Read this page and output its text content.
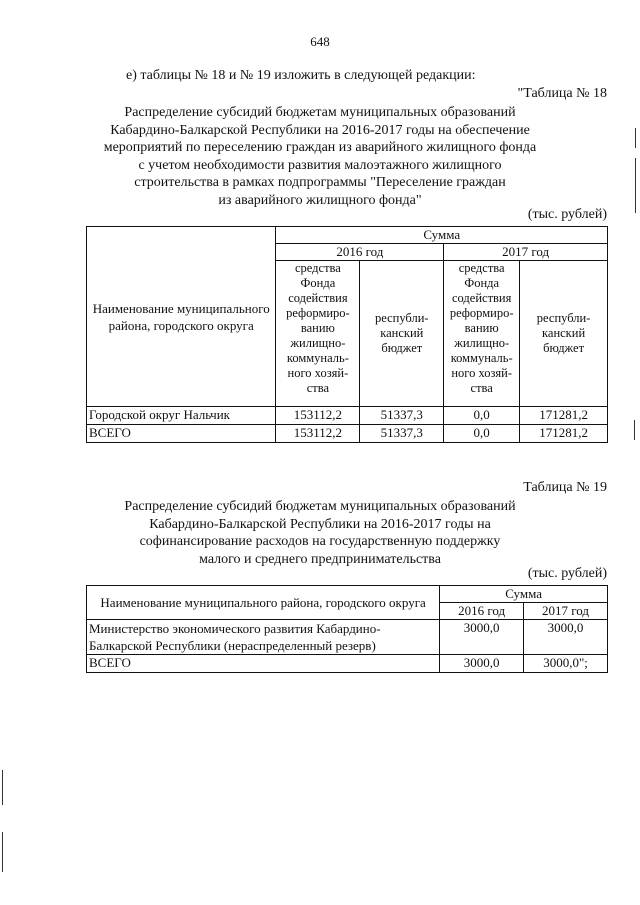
648
е) таблицы № 18 и № 19 изложить в следующей редакции:
"Таблица № 18
Распределение субсидий бюджетам муниципальных образований
Кабардино-Балкарской Республики на 2016-2017 годы на обеспечение
мероприятий по переселению граждан из аварийного жилищного фонда
с учетом необходимости развития малоэтажного жилищного
строительства в рамках подпрограммы "Переселение граждан
из аварийного жилищного фонда"
(тыс. рублей)
Наименование муниципального района, городского округа	Сумма			
	2016 год		2017 год	
	средства Фонда содействия реформиро-ванию жилищно-коммуналь-ного хозяй-ства	республи-канский бюджет	средства Фонда содействия реформиро-ванию жилищно-коммуналь-ного хозяй-ства	республи-канский бюджет
Городской округ Нальчик	153112,2	51337,3	0,0	171281,2
ВСЕГО	153112,2	51337,3	0,0	171281,2
Таблица № 19
Распределение субсидий бюджетам муниципальных образований
Кабардино-Балкарской Республики на 2016-2017 годы на
софинансирование расходов на государственную поддержку
малого и среднего предпринимательства
(тыс. рублей)
Наименование муниципального района, городского округа	Сумма	
	2016 год	2017 год
Министерство экономического развития Кабардино-Балкарской Республики (нераспределенный резерв)	3000,0	3000,0
ВСЕГО	3000,0	3000,0";
